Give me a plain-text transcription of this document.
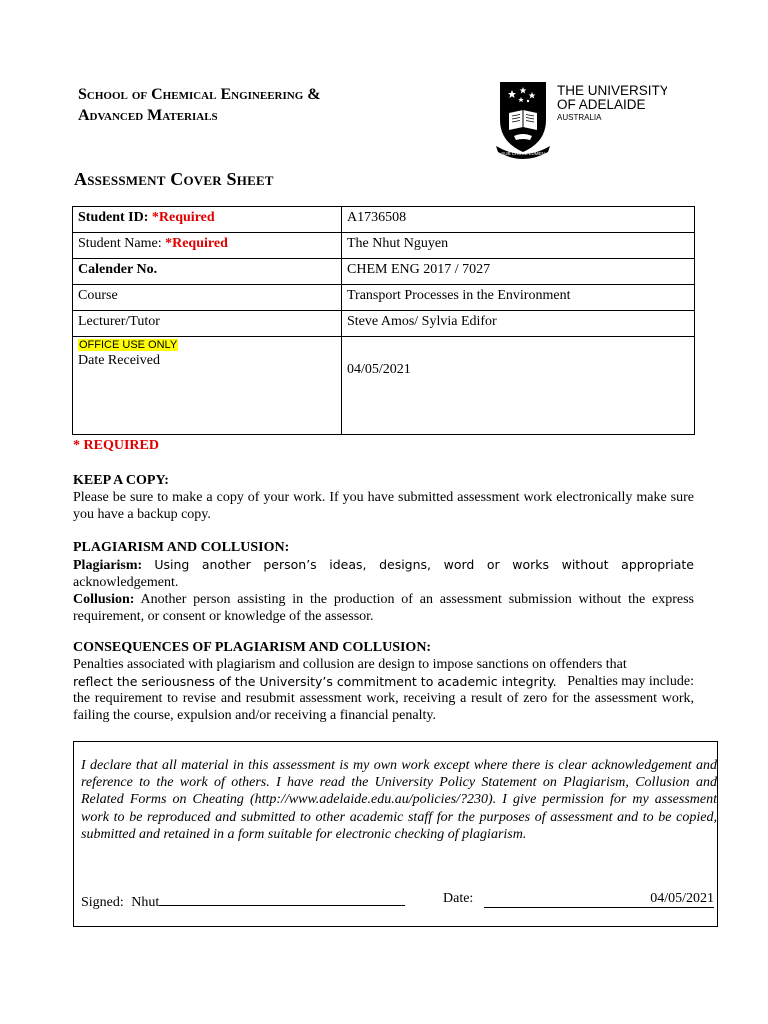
School of Chemical Engineering &
Advanced Materials
SUB CRUCE LUMEN
THE UNIVERSITY
OF ADELAIDE
AUSTRALIA
Assessment Cover Sheet
Student ID: *Required	A1736508
Student Name: *Required	The Nhut Nguyen
Calender No.	CHEM ENG 2017 / 7027
Course	Transport Processes in the Environment
Lecturer/Tutor	Steve Amos/ Sylvia Edifor
OFFICE USE ONLY
Date Received	04/05/2021
* REQUIRED
KEEP A COPY:
Please be sure to make a copy of your work. If you have submitted assessment work electronically make sure you have a backup copy.
PLAGIARISM AND COLLUSION:
Plagiarism: Using another person’s ideas, designs, word or works without appropriate
acknowledgement.
Collusion: Another person assisting in the production of an assessment submission without the express requirement, or consent or knowledge of the assessor.
CONSEQUENCES OF PLAGIARISM AND COLLUSION:
Penalties associated with plagiarism and collusion are design to impose sanctions on offenders that
reflect the seriousness of the University’s commitment to academic integrity. Penalties may include:
the requirement to revise and resubmit assessment work, receiving a result of zero for the assessment work, failing the course, expulsion and/or receiving a financial penalty.
I declare that all material in this assessment is my own work except where there is clear acknowledgement and reference to the work of others. I have read the University Policy Statement on Plagiarism, Collusion and Related Forms on Cheating (http://www.adelaide.edu.au/policies/?230). I give permission for my assessment work to be reproduced and submitted to other academic staff for the purposes of assessment and to be copied, submitted and retained in a form suitable for electronic checking of plagiarism.
Signed: Nhut	Date:	04/05/2021
